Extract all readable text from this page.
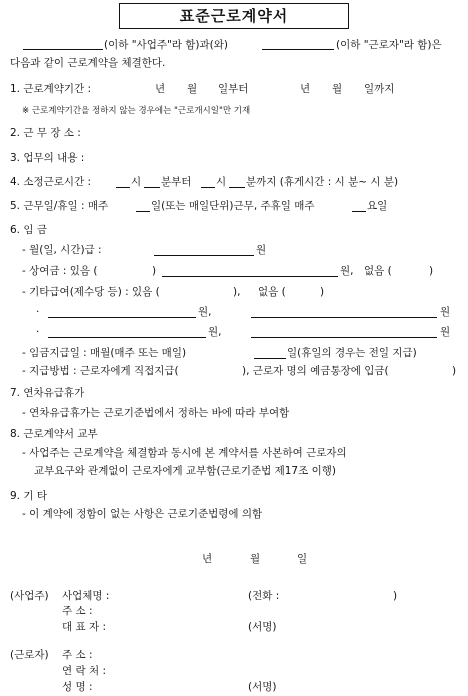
표준근로계약서
(이하 "사업주"라 함)과(와)	(이하 "근로자"라 함)은
다음과 같이 근로계약을 체결한다.
1. 근로계약기간 :	년 월 일부터	년 월 일까지
※ 근로계약기간을 정하지 않는 경우에는 "근로개시일"만 기재
2. 근 무 장 소 :
3. 업무의 내용 :
4. 소정근로시간 :	시 분부터 시 분까지 (휴게시간 : 시 분~ 시 분)
5. 근무일/휴일 : 매주	일(또는 매일단위)근무, 주휴일 매주	요일
6. 임 금
- 월(일, 시간)급 :	원
- 상여금 : 있음 (	)	원, 없음 (	)
- 기타급여(제수당 등) : 있음 (	), 없음 (	)
·	원,	원
·	원,	원
- 임금지급일 : 매월(매주 또는 매일)	일(휴일의 경우는 전일 지급)
- 지급방법 : 근로자에게 직접지급(	), 근로자 명의 예금통장에 입금(	)
7. 연차유급휴가
- 연차유급휴가는 근로기준법에서 정하는 바에 따라 부여함
8. 근로계약서 교부
- 사업주는 근로계약을 체결함과 동시에 본 계약서를 사본하여 근로자의
교부요구와 관계없이 근로자에게 교부함(근로기준법 제17조 이행)
9. 기 타
- 이 계약에 정함이 없는 사항은 근로기준법령에 의함
년	월	일
(사업주) 사업체명 :	(전화 :	)
주 소 :
대 표 자 :	(서명)
(근로자) 주 소 :
연 락 처 :
성 명 :	(서명)
